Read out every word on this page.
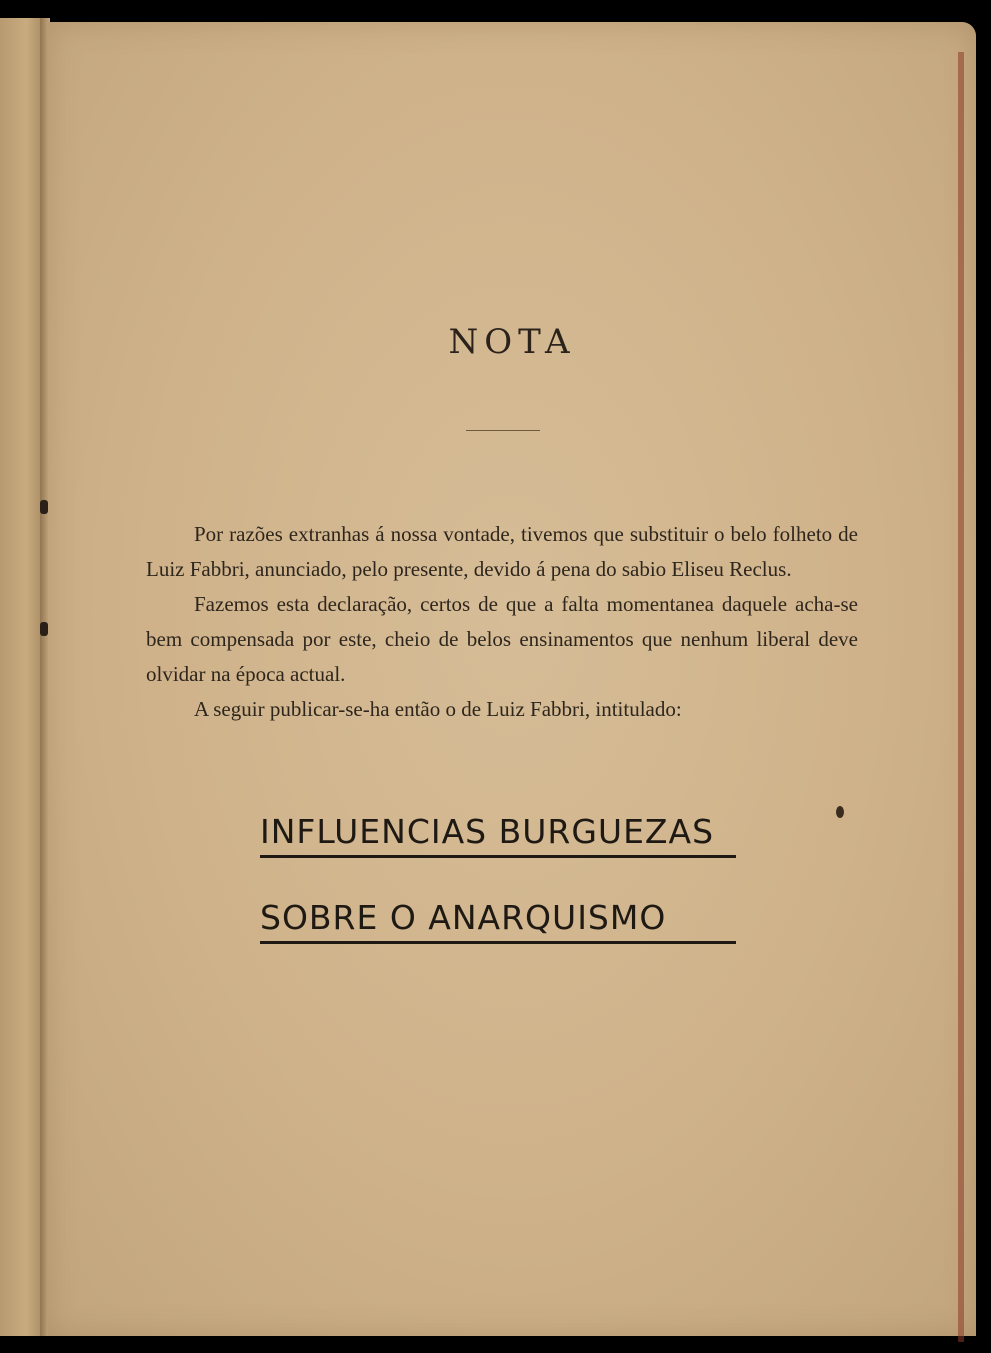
NOTA

Por razões extranhas á nossa vontade, tivemos que substituir o belo folheto de Luiz Fabbri, anunciado, pelo presente, devido á pena do sabio Eliseu Reclus.

Fazemos esta declaração, certos de que a falta momentanea daquele acha-se bem compensada por este, cheio de belos ensinamentos que nenhum liberal deve olvidar na época actual.

A seguir publicar-se-ha então o de Luiz Fabbri, intitulado:

INFLUENCIAS BURGUEZAS
SOBRE O ANARQUISMO
